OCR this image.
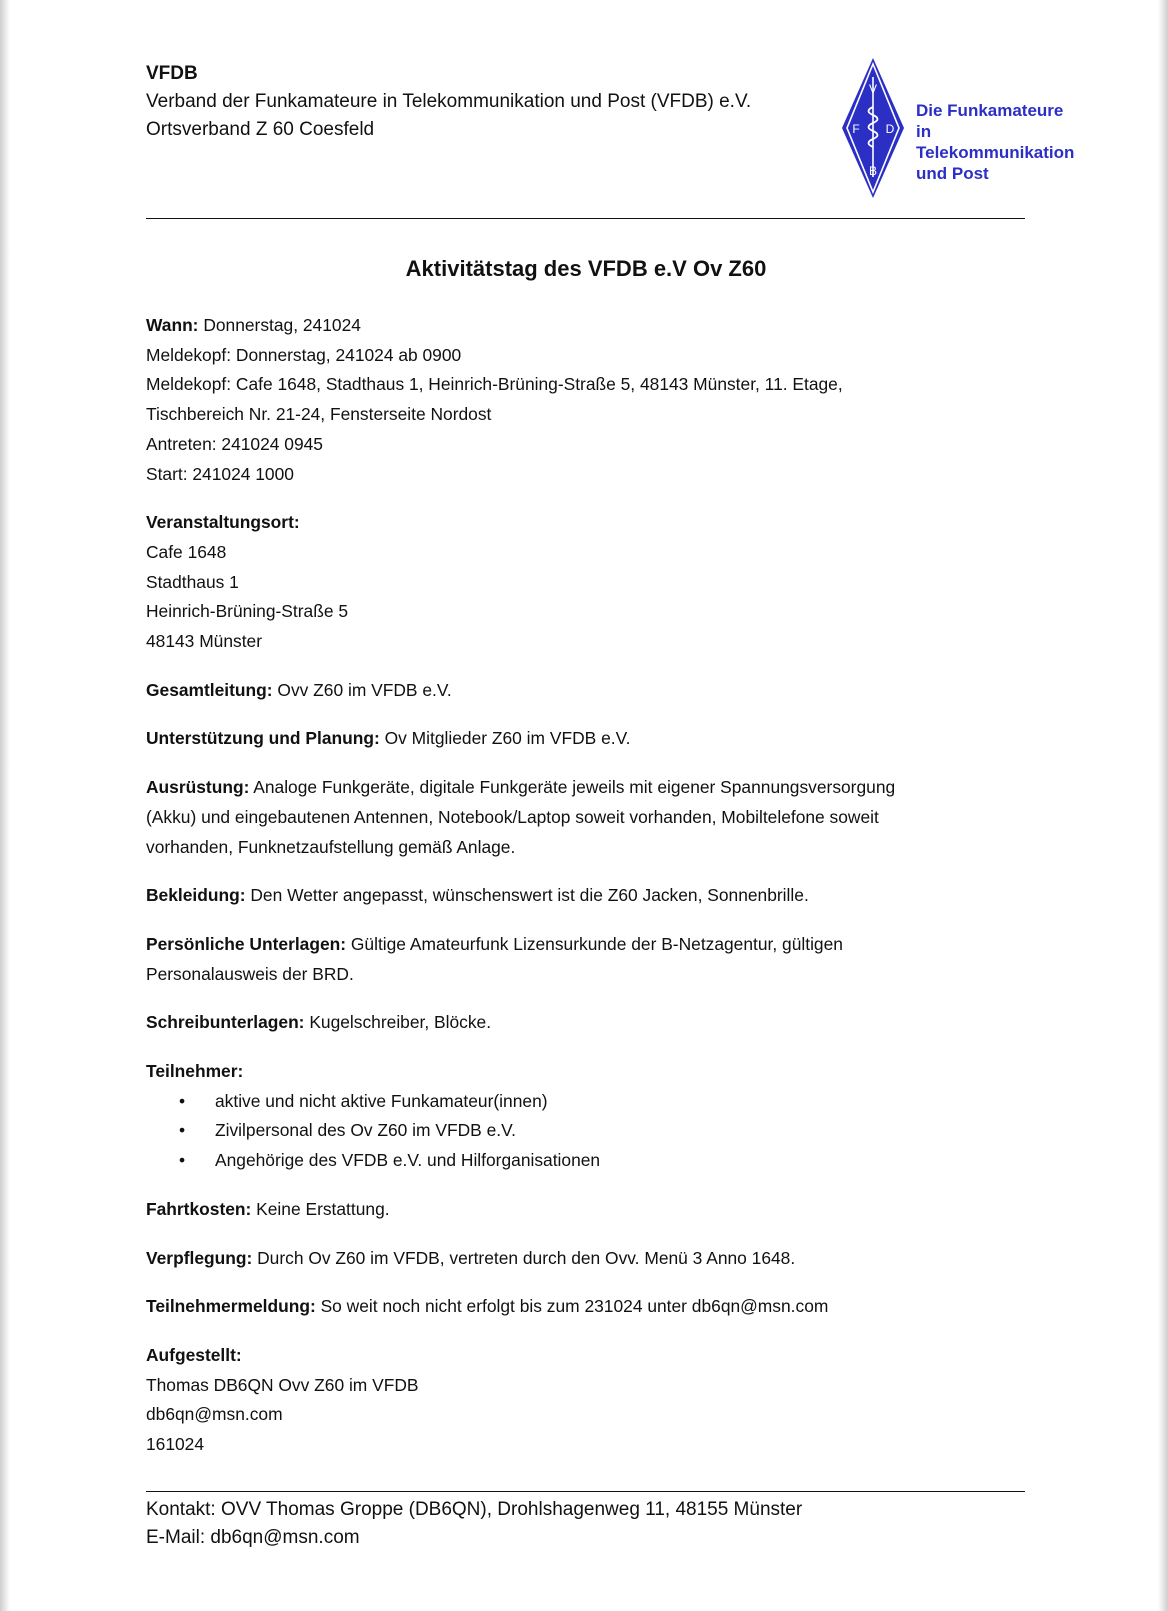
VFDB
Verband der Funkamateure in Telekommunikation und Post (VFDB) e.V.
Ortsverband Z 60 Coesfeld
V
F D
B
Die Funkamateure
in Telekommunikation
und Post
Aktivitätstag des VFDB e.V Ov Z60

Wann: Donnerstag, 241024
Meldekopf: Donnerstag, 241024 ab 0900
Meldekopf: Cafe 1648, Stadthaus 1, Heinrich-Brüning-Straße 5, 48143 Münster, 11. Etage,
Tischbereich Nr. 21-24, Fensterseite Nordost
Antreten: 241024 0945
Start: 241024 1000

Veranstaltungsort:
Cafe 1648
Stadthaus 1
Heinrich-Brüning-Straße 5
48143 Münster

Gesamtleitung: Ovv Z60 im VFDB e.V.

Unterstützung und Planung: Ov Mitglieder Z60 im VFDB e.V.

Ausrüstung: Analoge Funkgeräte, digitale Funkgeräte jeweils mit eigener Spannungsversorgung
(Akku) und eingebautenen Antennen, Notebook/Laptop soweit vorhanden, Mobiltelefone soweit
vorhanden, Funknetzaufstellung gemäß Anlage.

Bekleidung: Den Wetter angepasst, wünschenswert ist die Z60 Jacken, Sonnenbrille.

Persönliche Unterlagen: Gültige Amateurfunk Lizensurkunde der B-Netzagentur, gültigen
Personalausweis der BRD.

Schreibunterlagen: Kugelschreiber, Blöcke.

Teilnehmer:

• aktive und nicht aktive Funkamateur(innen)
• Zivilpersonal des Ov Z60 im VFDB e.V.
• Angehörige des VFDB e.V. und Hilforganisationen

Fahrtkosten: Keine Erstattung.

Verpflegung: Durch Ov Z60 im VFDB, vertreten durch den Ovv. Menü 3 Anno 1648.

Teilnehmermeldung: So weit noch nicht erfolgt bis zum 231024 unter db6qn@msn.com

Aufgestellt:
Thomas DB6QN Ovv Z60 im VFDB
db6qn@msn.com
161024

Kontakt: OVV Thomas Groppe (DB6QN), Drohlshagenweg 11, 48155 Münster
E-Mail: db6qn@msn.com
